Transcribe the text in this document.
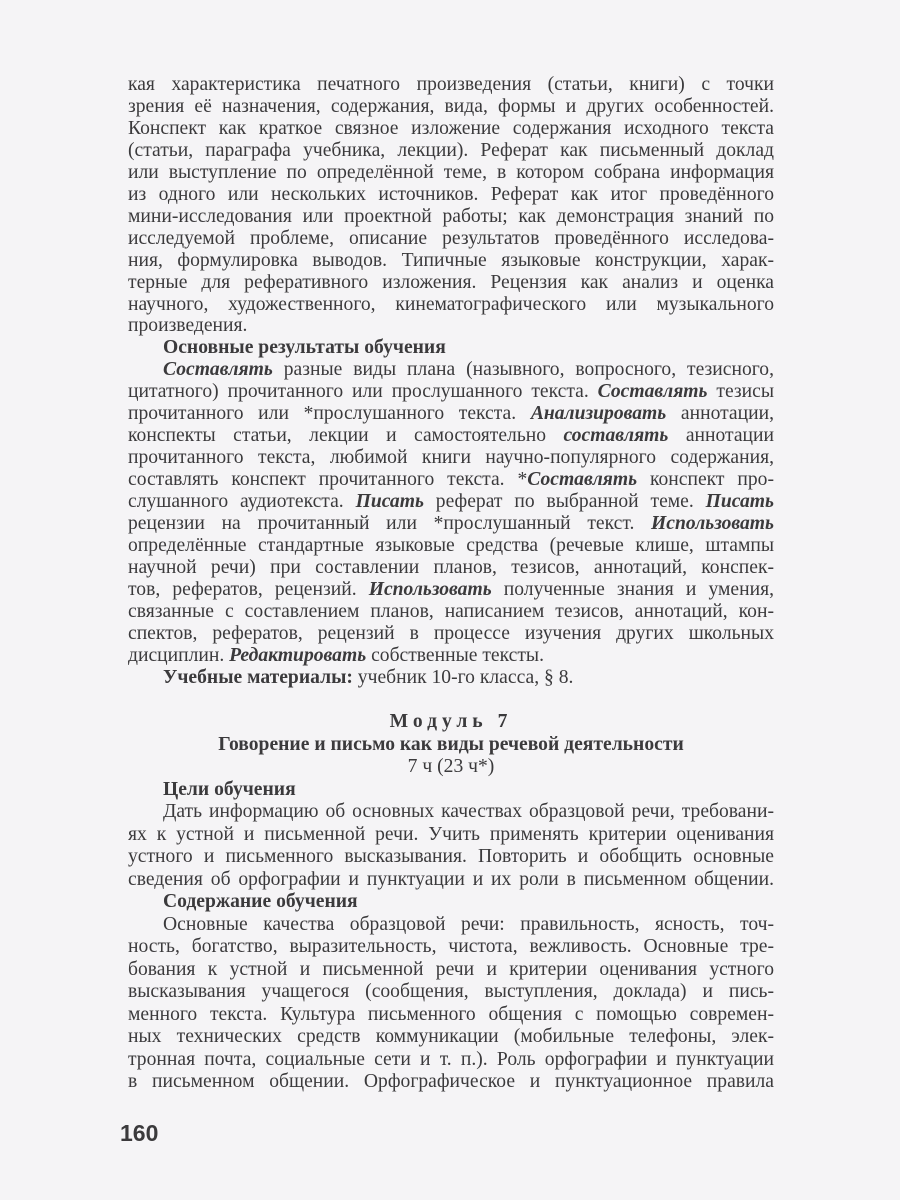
кая характеристика печатного произведения (статьи, книги) с точки
зрения её назначения, содержания, вида, формы и других особенностей.
Конспект как краткое связное изложение содержания исходного текста
(статьи, параграфа учебника, лекции). Реферат как письменный доклад
или выступление по определённой теме, в котором собрана информация
из одного или нескольких источников. Реферат как итог проведённого
мини-исследования или проектной работы; как демонстрация знаний по
исследуемой проблеме, описание результатов проведённого исследова-
ния, формулировка выводов. Типичные языковые конструкции, харак-
терные для реферативного изложения. Рецензия как анализ и оценка
научного, художественного, кинематографического или музыкального
произведения.
Основные результаты обучения
Составлять разные виды плана (назывного, вопросного, тезисного,
цитатного) прочитанного или прослушанного текста. Составлять тезисы
прочитанного или *прослушанного текста. Анализировать аннотации,
конспекты статьи, лекции и самостоятельно составлять аннотации
прочитанного текста, любимой книги научно-популярного содержания,
составлять конспект прочитанного текста. *Составлять конспект про-
слушанного аудиотекста. Писать реферат по выбранной теме. Писать
рецензии на прочитанный или *прослушанный текст. Использовать
определённые стандартные языковые средства (речевые клише, штампы
научной речи) при составлении планов, тезисов, аннотаций, конспек-
тов, рефератов, рецензий. Использовать полученные знания и умения,
связанные с составлением планов, написанием тезисов, аннотаций, кон-
спектов, рефератов, рецензий в процессе изучения других школьных
дисциплин. Редактировать собственные тексты.
Учебные материалы: учебник 10-го класса, § 8.
Модуль 7
Говорение и письмо как виды речевой деятельности
7 ч (23 ч*)
Цели обучения
Дать информацию об основных качествах образцовой речи, требовани-
ях к устной и письменной речи. Учить применять критерии оценивания
устного и письменного высказывания. Повторить и обобщить основные
сведения об орфографии и пунктуации и их роли в письменном общении.
Содержание обучения
Основные качества образцовой речи: правильность, ясность, точ-
ность, богатство, выразительность, чистота, вежливость. Основные тре-
бования к устной и письменной речи и критерии оценивания устного
высказывания учащегося (сообщения, выступления, доклада) и пись-
менного текста. Культура письменного общения с помощью современ-
ных технических средств коммуникации (мобильные телефоны, элек-
тронная почта, социальные сети и т. п.). Роль орфографии и пунктуации
в письменном общении. Орфографическое и пунктуационное правила
160
